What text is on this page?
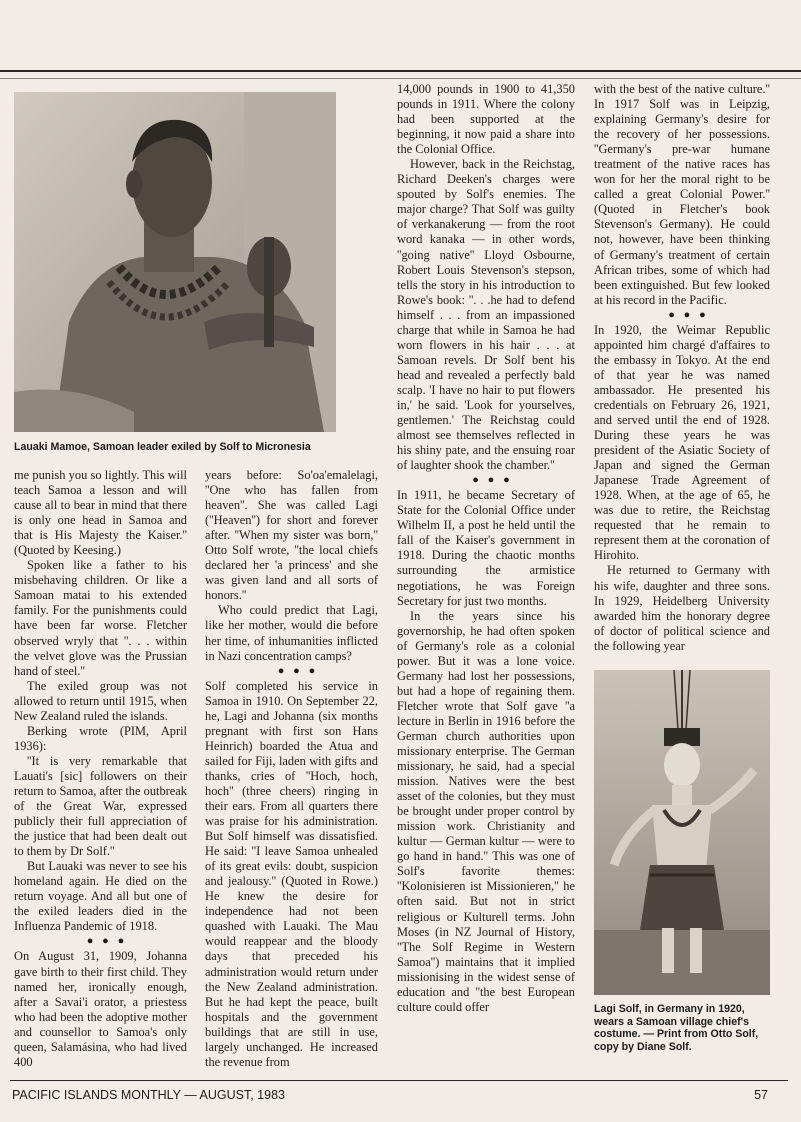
Lauaki Mamoe, Samoan leader exiled by Solf to Micronesia

me punish you so lightly. This will teach Samoa a lesson and will cause all to bear in mind that there is only one head in Samoa and that is His Majesty the Kaiser.'' (Quoted by Keesing.)

Spoken like a father to his misbehaving children. Or like a Samoan matai to his extended family. For the punishments could have been far worse. Fletcher observed wryly that ''. . . within the velvet glove was the Prussian hand of steel.''

The exiled group was not allowed to return until 1915, when New Zealand ruled the islands.

Berking wrote (PIM, April 1936):

''It is very remarkable that Lauati's [sic] followers on their return to Samoa, after the outbreak of the Great War, expressed publicly their full appreciation of the justice that had been dealt out to them by Dr Solf.''

But Lauaki was never to see his homeland again. He died on the return voyage. And all but one of the exiled leaders died in the Influenza Pandemic of 1918.

● ● ●

On August 31, 1909, Johanna gave birth to their first child. They named her, ironically enough, after a Savai'i orator, a priestess who had been the adoptive mother and counsellor to Samoa's only queen, Salamásina, who had lived 400

years before: So'oa'emalelagi, ''One who has fallen from heaven''. She was called Lagi (''Heaven'') for short and forever after. ''When my sister was born,'' Otto Solf wrote, ''the local chiefs declared her 'a princess' and she was given land and all sorts of honors.''

Who could predict that Lagi, like her mother, would die before her time, of inhumanities inflicted in Nazi concentration camps?

● ● ●

Solf completed his service in Samoa in 1910. On September 22, he, Lagi and Johanna (six months pregnant with first son Hans Heinrich) boarded the Atua and sailed for Fiji, laden with gifts and thanks, cries of ''Hoch, hoch, hoch'' (three cheers) ringing in their ears. From all quarters there was praise for his administration. But Solf himself was dissatisfied. He said: ''I leave Samoa unhealed of its great evils: doubt, suspicion and jealousy.'' (Quoted in Rowe.) He knew the desire for independence had not been quashed with Lauaki. The Mau would reappear and the bloody days that preceded his administration would return under the New Zealand administration. But he had kept the peace, built hospitals and the government buildings that are still in use, largely unchanged. He increased the revenue from

14,000 pounds in 1900 to 41,350 pounds in 1911. Where the colony had been supported at the beginning, it now paid a share into the Colonial Office.

However, back in the Reichstag, Richard Deeken's charges were spouted by Solf's enemies. The major charge? That Solf was guilty of verkanakerung — from the root word kanaka — in other words, ''going native'' Lloyd Osbourne, Robert Louis Stevenson's stepson, tells the story in his introduction to Rowe's book: ''. . .he had to defend himself . . . from an impassioned charge that while in Samoa he had worn flowers in his hair . . . at Samoan revels. Dr Solf bent his head and revealed a perfectly bald scalp. 'I have no hair to put flowers in,' he said. 'Look for yourselves, gentlemen.' The Reichstag could almost see themselves reflected in his shiny pate, and the ensuing roar of laughter shook the chamber.''

● ● ●

In 1911, he became Secretary of State for the Colonial Office under Wilhelm II, a post he held until the fall of the Kaiser's government in 1918. During the chaotic months surrounding the armistice negotiations, he was Foreign Secretary for just two months.

In the years since his governorship, he had often spoken of Germany's role as a colonial power. But it was a lone voice. Germany had lost her possessions, but had a hope of regaining them. Fletcher wrote that Solf gave ''a lecture in Berlin in 1916 before the German church authorities upon missionary enterprise. The German missionary, he said, had a special mission. Natives were the best asset of the colonies, but they must be brought under proper control by mission work. Christianity and kultur — German kultur — were to go hand in hand.'' This was one of Solf's favorite themes: ''Kolonisieren ist Missionieren,'' he often said. But not in strict religious or Kulturell terms. John Moses (in NZ Journal of History, ''The Solf Regime in Western Samoa'') maintains that it implied missionising in the widest sense of education and ''the best European culture could offer

with the best of the native culture.'' In 1917 Solf was in Leipzig, explaining Germany's desire for the recovery of her possessions. ''Germany's pre-war humane treatment of the native races has won for her the moral right to be called a great Colonial Power.'' (Quoted in Fletcher's book Stevenson's Germany). He could not, however, have been thinking of Germany's treatment of certain African tribes, some of which had been extinguished. But few looked at his record in the Pacific.

● ● ●

In 1920, the Weimar Republic appointed him chargé d'affaires to the embassy in Tokyo. At the end of that year he was named ambassador. He presented his credentials on February 26, 1921, and served until the end of 1928. During these years he was president of the Asiatic Society of Japan and signed the German Japanese Trade Agreement of 1928. When, at the age of 65, he was due to retire, the Reichstag requested that he remain to represent them at the coronation of Hirohito.

He returned to Germany with his wife, daughter and three sons. In 1929, Heidelberg University awarded him the honorary degree of doctor of political science and the following year

Lagi Solf, in Germany in 1920, wears a Samoan village chief's costume. — Print from Otto Solf, copy by Diane Solf.
PACIFIC ISLANDS MONTHLY — AUGUST, 1983	57
